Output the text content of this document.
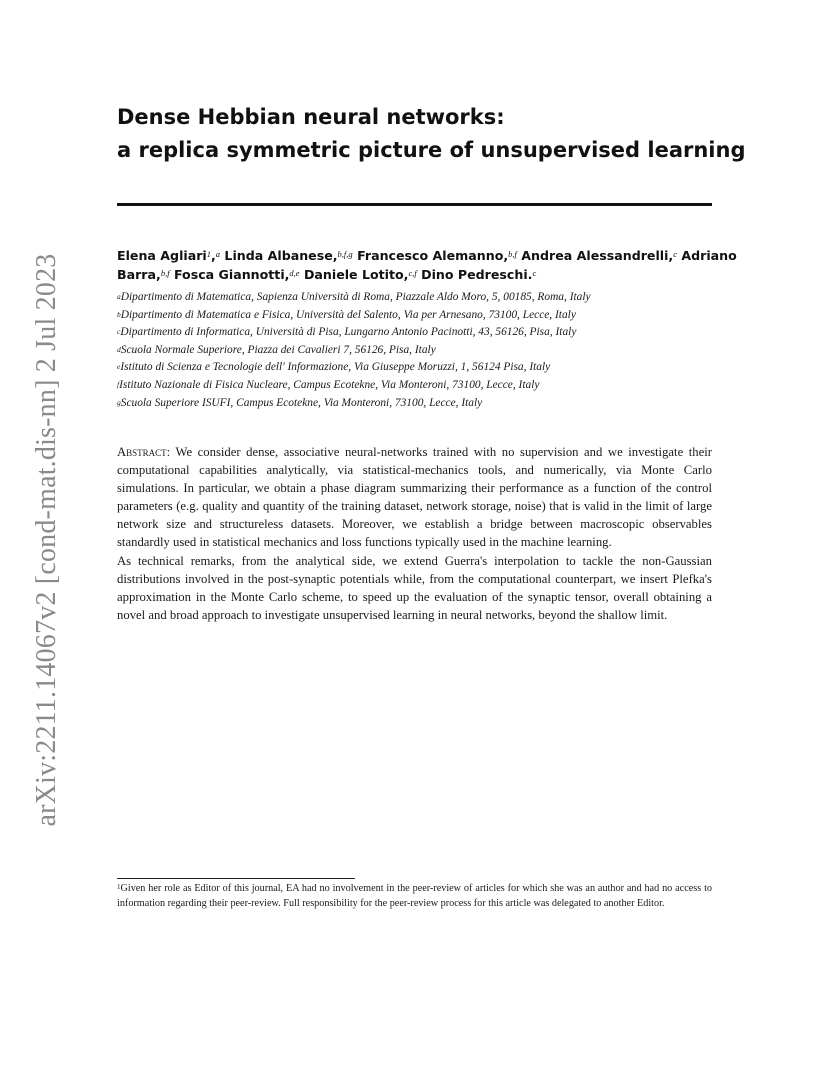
arXiv:2211.14067v2 [cond-mat.dis-nn] 2 Jul 2023
Dense Hebbian neural networks:
a replica symmetric picture of unsupervised learning
Elena Agliari$^1$,$^a$ Linda Albanese,$^{b,f,g}$ Francesco Alemanno,$^{b,f}$ Andrea Alessandrelli,$^c$ Adriano
Barra,$^{b,f}$ Fosca Giannotti,$^{d,e}$ Daniele Lotito,$^{c,f}$ Dino Pedreschi.$^c$
$^a$Dipartimento di Matematica, Sapienza Università di Roma, Piazzale Aldo Moro, 5, 00185, Roma, Italy
$^b$Dipartimento di Matematica e Fisica, Università del Salento, Via per Arnesano, 73100, Lecce, Italy
$^c$Dipartimento di Informatica, Università di Pisa, Lungarno Antonio Pacinotti, 43, 56126, Pisa, Italy
$^d$Scuola Normale Superiore, Piazza dei Cavalieri 7, 56126, Pisa, Italy
$^e$Istituto di Scienza e Tecnologie dell' Informazione, Via Giuseppe Moruzzi, 1, 56124 Pisa, Italy
$^f$Istituto Nazionale di Fisica Nucleare, Campus Ecotekne, Via Monteroni, 73100, Lecce, Italy
$^g$Scuola Superiore ISUFI, Campus Ecotekne, Via Monteroni, 73100, Lecce, Italy

Abstract: We consider dense, associative neural-networks trained with no supervision and we investigate their computational capabilities analytically, via statistical-mechanics tools, and numerically, via Monte Carlo simulations. In particular, we obtain a phase diagram summarizing their performance as a function of the control parameters (e.g. quality and quantity of the training dataset, network storage, noise) that is valid in the limit of large network size and structureless datasets. Moreover, we establish a bridge between macroscopic observables standardly used in statistical mechanics and loss functions typically used in the machine learning.

As technical remarks, from the analytical side, we extend Guerra's interpolation to tackle the non-Gaussian distributions involved in the post-synaptic potentials while, from the computational counterpart, we insert Plefka's approximation in the Monte Carlo scheme, to speed up the evaluation of the synaptic tensor, overall obtaining a novel and broad approach to investigate unsupervised learning in neural networks, beyond the shallow limit.

$^1$Given her role as Editor of this journal, EA had no involvement in the peer-review of articles for which she was an author and had no access to information regarding their peer-review. Full responsibility for the peer-review process for this article was delegated to another Editor.
